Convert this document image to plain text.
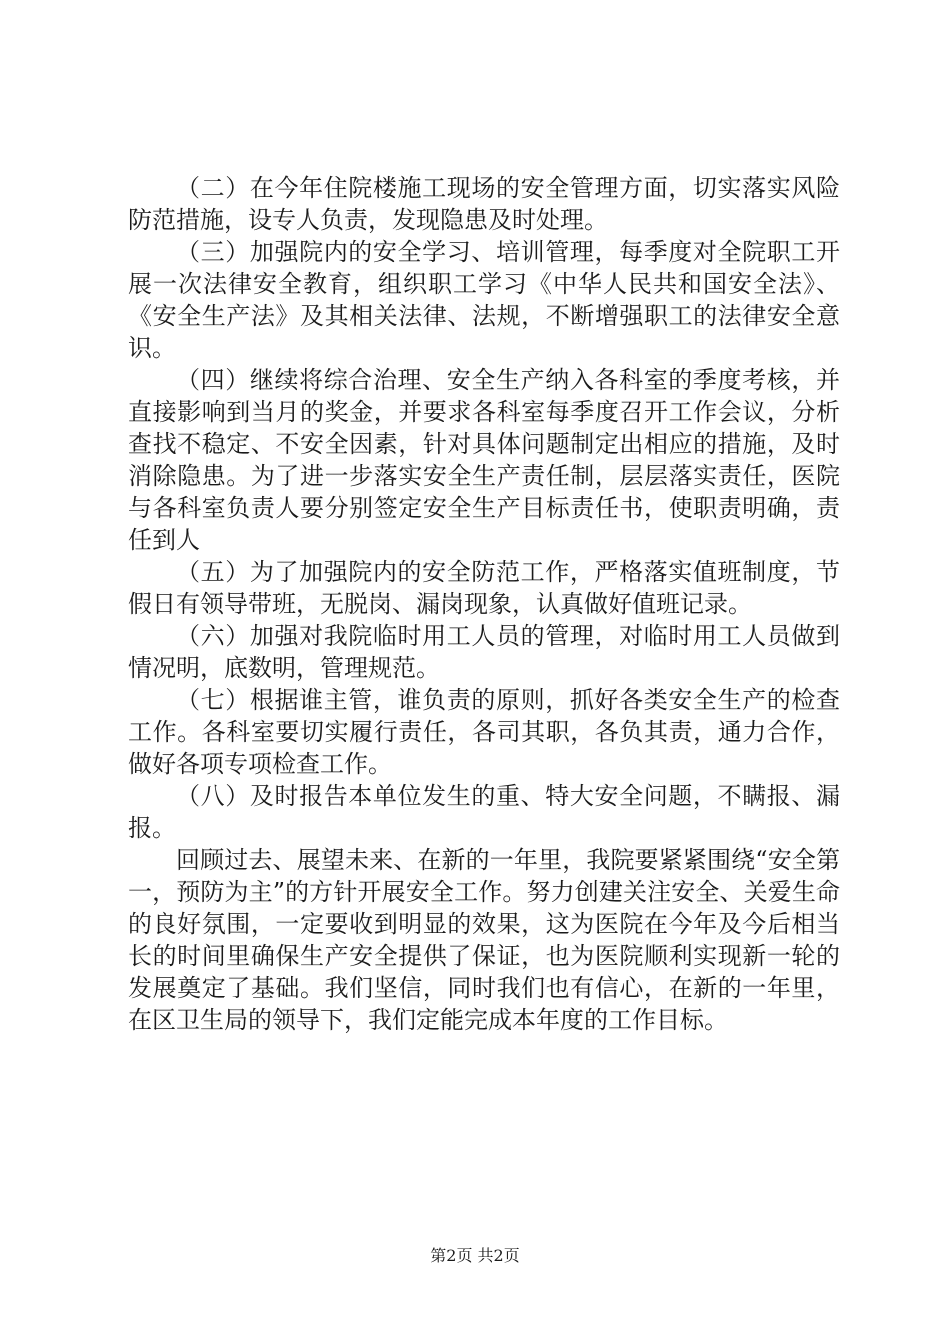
（二）在今年住院楼施工现场的安全管理方面，切实落实风险防范措施，设专人负责，发现隐患及时处理。

（三）加强院内的安全学习、培训管理，每季度对全院职工开展一次法律安全教育，组织职工学习《中华人民共和国安全法》、《安全生产法》及其相关法律、法规，不断增强职工的法律安全意识。

（四）继续将综合治理、安全生产纳入各科室的季度考核，并直接影响到当月的奖金，并要求各科室每季度召开工作会议，分析查找不稳定、不安全因素，针对具体问题制定出相应的措施，及时消除隐患。为了进一步落实安全生产责任制，层层落实责任，医院与各科室负责人要分别签定安全生产目标责任书，使职责明确，责任到人

（五）为了加强院内的安全防范工作，严格落实值班制度，节假日有领导带班，无脱岗、漏岗现象，认真做好值班记录。

（六）加强对我院临时用工人员的管理，对临时用工人员做到情况明，底数明，管理规范。

（七）根据谁主管，谁负责的原则，抓好各类安全生产的检查工作。各科室要切实履行责任，各司其职，各负其责，通力合作，做好各项专项检查工作。

（八）及时报告本单位发生的重、特大安全问题，不瞒报、漏报。

回顾过去、展望未来、在新的一年里，我院要紧紧围绕“安全第一，预防为主”的方针开展安全工作。努力创建关注安全、关爱生命的良好氛围，一定要收到明显的效果，这为医院在今年及今后相当长的时间里确保生产安全提供了保证，也为医院顺利实现新一轮的发展奠定了基础。我们坚信，同时我们也有信心，在新的一年里，在区卫生局的领导下，我们定能完成本年度的工作目标。

第2页 共2页
